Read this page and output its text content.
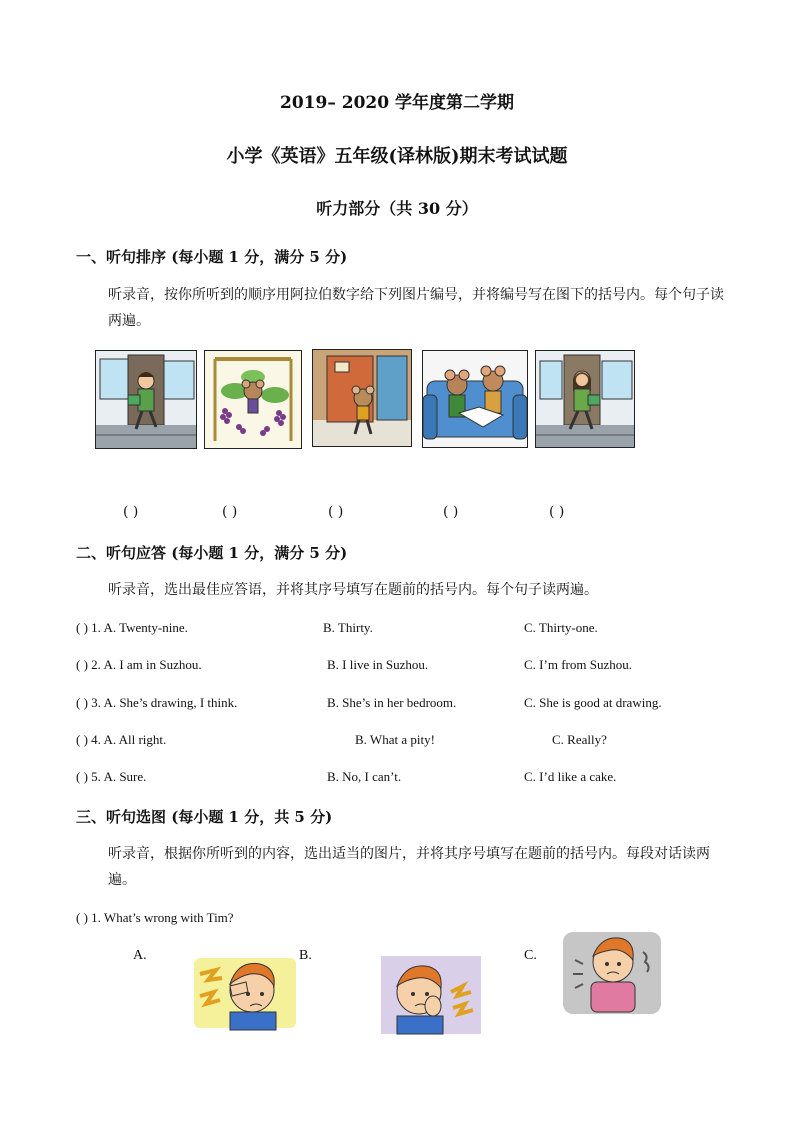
2019– 2020 学年度第二学期
小学《英语》五年级(译林版)期末考试试题
听力部分（共 30 分）
一、听句排序 (每小题 1 分，满分 5 分)
听录音，按你所听到的顺序用阿拉伯数字给下列图片编号，并将编号写在图下的括号内。每个句子读两遍。
( )	( )	( )	( )	( )
二、听句应答 (每小题 1 分，满分 5 分)
听录音，选出最佳应答语，并将其序号填写在题前的括号内。每个句子读两遍。
( ) 1. A. Twenty-nine.	B. Thirty.	C. Thirty-one.
( ) 2. A. I am in Suzhou.	B. I live in Suzhou.	C. I’m from Suzhou.
( ) 3. A. She’s drawing, I think.	B. She’s in her bedroom.	C. She is good at drawing.
( ) 4. A. All right.	B. What a pity!	C. Really?
( ) 5. A. Sure.	B. No, I can’t.	C. I’d like a cake.
三、听句选图 (每小题 1 分，共 5 分)
听录音，根据你所听到的内容，选出适当的图片，并将其序号填写在题前的括号内。每段对话读两遍。
( ) 1. What’s wrong with Tim?
A.	B.	C.
